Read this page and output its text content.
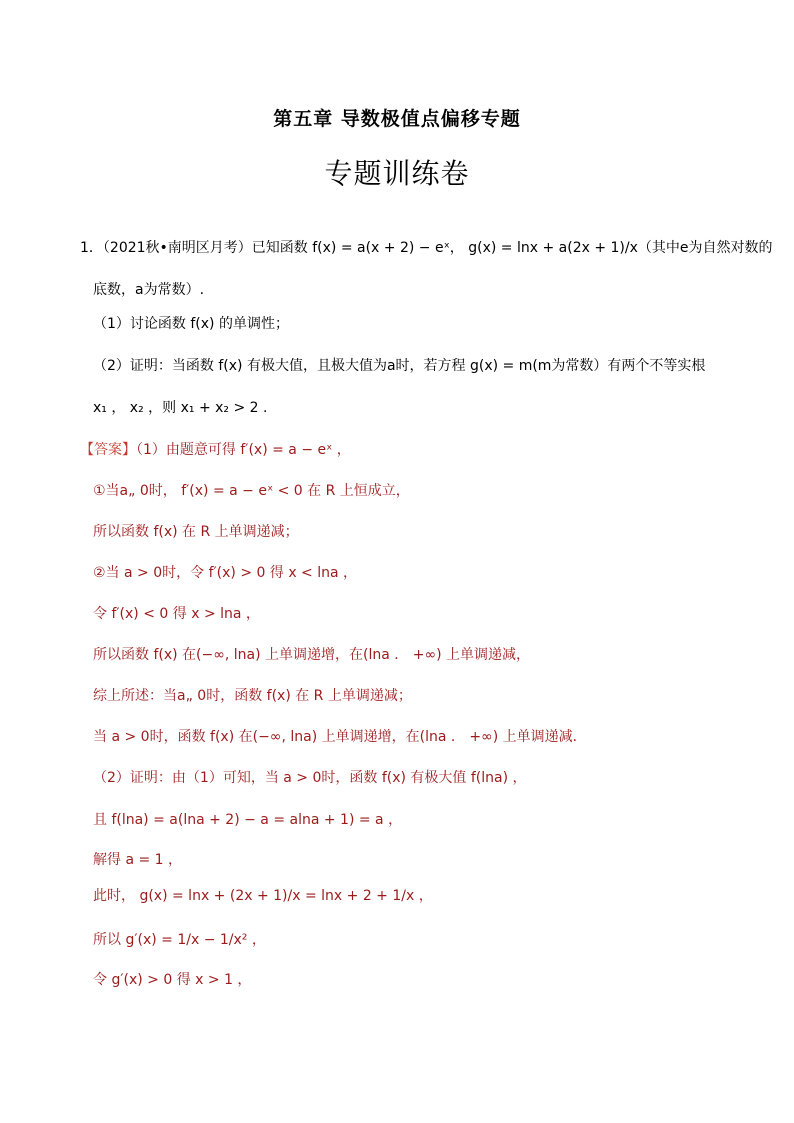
第五章 导数极值点偏移专题
专题训练卷
1．（2021秋•南明区月考）已知函数 f(x) = a(x + 2) − eˣ， g(x) = lnx + a(2x + 1)/x（其中e为自然对数的
底数，a为常数）.
（1）讨论函数 f(x) 的单调性；
（2）证明：当函数 f(x) 有极大值，且极大值为a时，若方程 g(x) = m(m为常数）有两个不等实根
x₁ ， x₂ ，则 x₁ + x₂ > 2 .
【答案】（1）由题意可得 f′(x) = a − eˣ ，
①当a„ 0时， f′(x) = a − eˣ < 0 在 R 上恒成立，
所以函数 f(x) 在 R 上单调递减；
②当 a > 0时，令 f′(x) > 0 得 x < lna ，
令 f′(x) < 0 得 x > lna ，
所以函数 f(x) 在(−∞, lna) 上单调递增，在(lna ． +∞) 上单调递减，
综上所述：当a„ 0时，函数 f(x) 在 R 上单调递减；
当 a > 0时，函数 f(x) 在(−∞, lna) 上单调递增，在(lna ． +∞) 上单调递减．
（2）证明：由（1）可知，当 a > 0时，函数 f(x) 有极大值 f(lna) ，
且 f(lna) = a(lna + 2) − a = alna + 1) = a ，
解得 a = 1 ，
此时， g(x) = lnx + (2x + 1)/x = lnx + 2 + 1/x ，
所以 g′(x) = 1/x − 1/x² ，
令 g′(x) > 0 得 x > 1 ，
